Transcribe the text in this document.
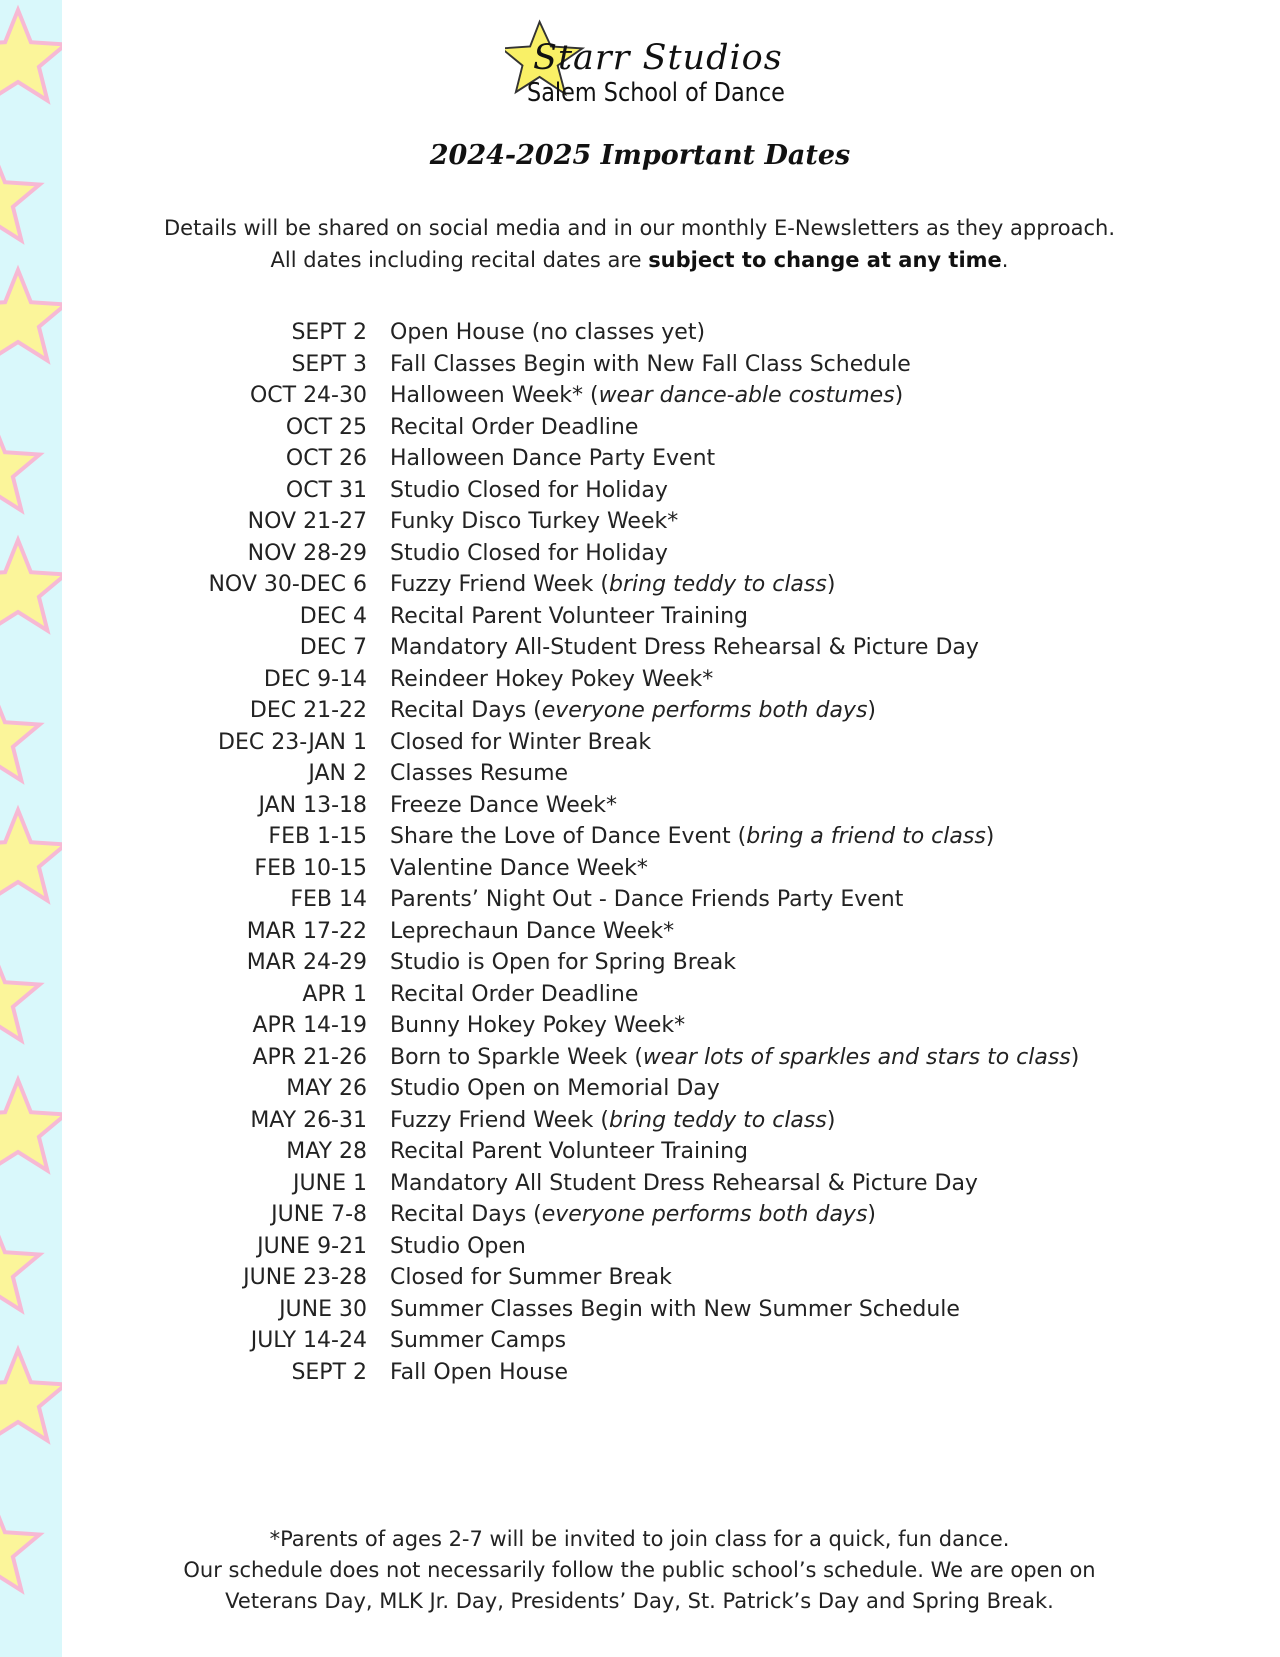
Starr Studios
Salem School of Dance
2024-2025 Important Dates
Details will be shared on social media and in our monthly E-Newsletters as they approach.
All dates including recital dates are subject to change at any time.
SEPT 2 Open House (no classes yet)
SEPT 3 Fall Classes Begin with New Fall Class Schedule
OCT 24-30 Halloween Week* (wear dance-able costumes)
OCT 25 Recital Order Deadline
OCT 26 Halloween Dance Party Event
OCT 31 Studio Closed for Holiday
NOV 21-27 Funky Disco Turkey Week*
NOV 28-29 Studio Closed for Holiday
NOV 30-DEC 6 Fuzzy Friend Week (bring teddy to class)
DEC 4 Recital Parent Volunteer Training
DEC 7 Mandatory All-Student Dress Rehearsal & Picture Day
DEC 9-14 Reindeer Hokey Pokey Week*
DEC 21-22 Recital Days (everyone performs both days)
DEC 23-JAN 1 Closed for Winter Break
JAN 2 Classes Resume
JAN 13-18 Freeze Dance Week*
FEB 1-15 Share the Love of Dance Event (bring a friend to class)
FEB 10-15 Valentine Dance Week*
FEB 14 Parents’ Night Out - Dance Friends Party Event
MAR 17-22 Leprechaun Dance Week*
MAR 24-29 Studio is Open for Spring Break
APR 1 Recital Order Deadline
APR 14-19 Bunny Hokey Pokey Week*
APR 21-26 Born to Sparkle Week (wear lots of sparkles and stars to class)
MAY 26 Studio Open on Memorial Day
MAY 26-31 Fuzzy Friend Week (bring teddy to class)
MAY 28 Recital Parent Volunteer Training
JUNE 1 Mandatory All Student Dress Rehearsal & Picture Day
JUNE 7-8 Recital Days (everyone performs both days)
JUNE 9-21 Studio Open
JUNE 23-28 Closed for Summer Break
JUNE 30 Summer Classes Begin with New Summer Schedule
JULY 14-24 Summer Camps
SEPT 2 Fall Open House
*Parents of ages 2-7 will be invited to join class for a quick, fun dance.
Our schedule does not necessarily follow the public school’s schedule. We are open on
Veterans Day, MLK Jr. Day, Presidents’ Day, St. Patrick’s Day and Spring Break.
